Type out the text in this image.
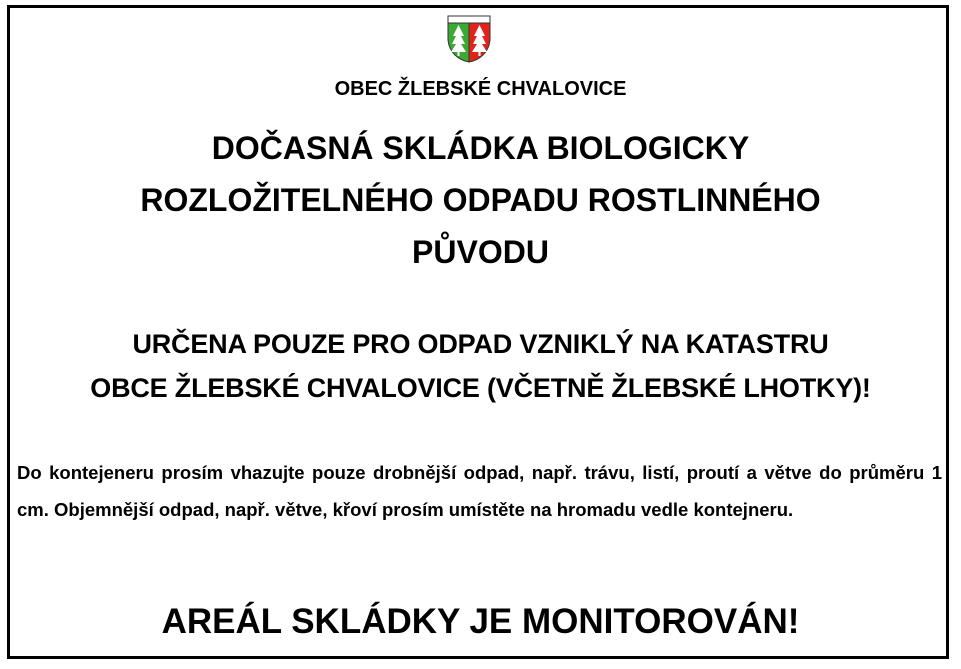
OBEC ŽLEBSKÉ CHVALOVICE
DOČASNÁ SKLÁDKA BIOLOGICKY
ROZLOŽITELNÉHO ODPADU ROSTLINNÉHO
PŮVODU
URČENA POUZE PRO ODPAD VZNIKLÝ NA KATASTRU
OBCE ŽLEBSKÉ CHVALOVICE (VČETNĚ ŽLEBSKÉ LHOTKY)!
Do kontejeneru prosím vhazujte pouze drobnější odpad, např. trávu, listí, proutí a větve do průměru 1 cm. Objemnější odpad, např. větve, křoví prosím umístěte na hromadu vedle kontejneru.
AREÁL SKLÁDKY JE MONITOROVÁN!
